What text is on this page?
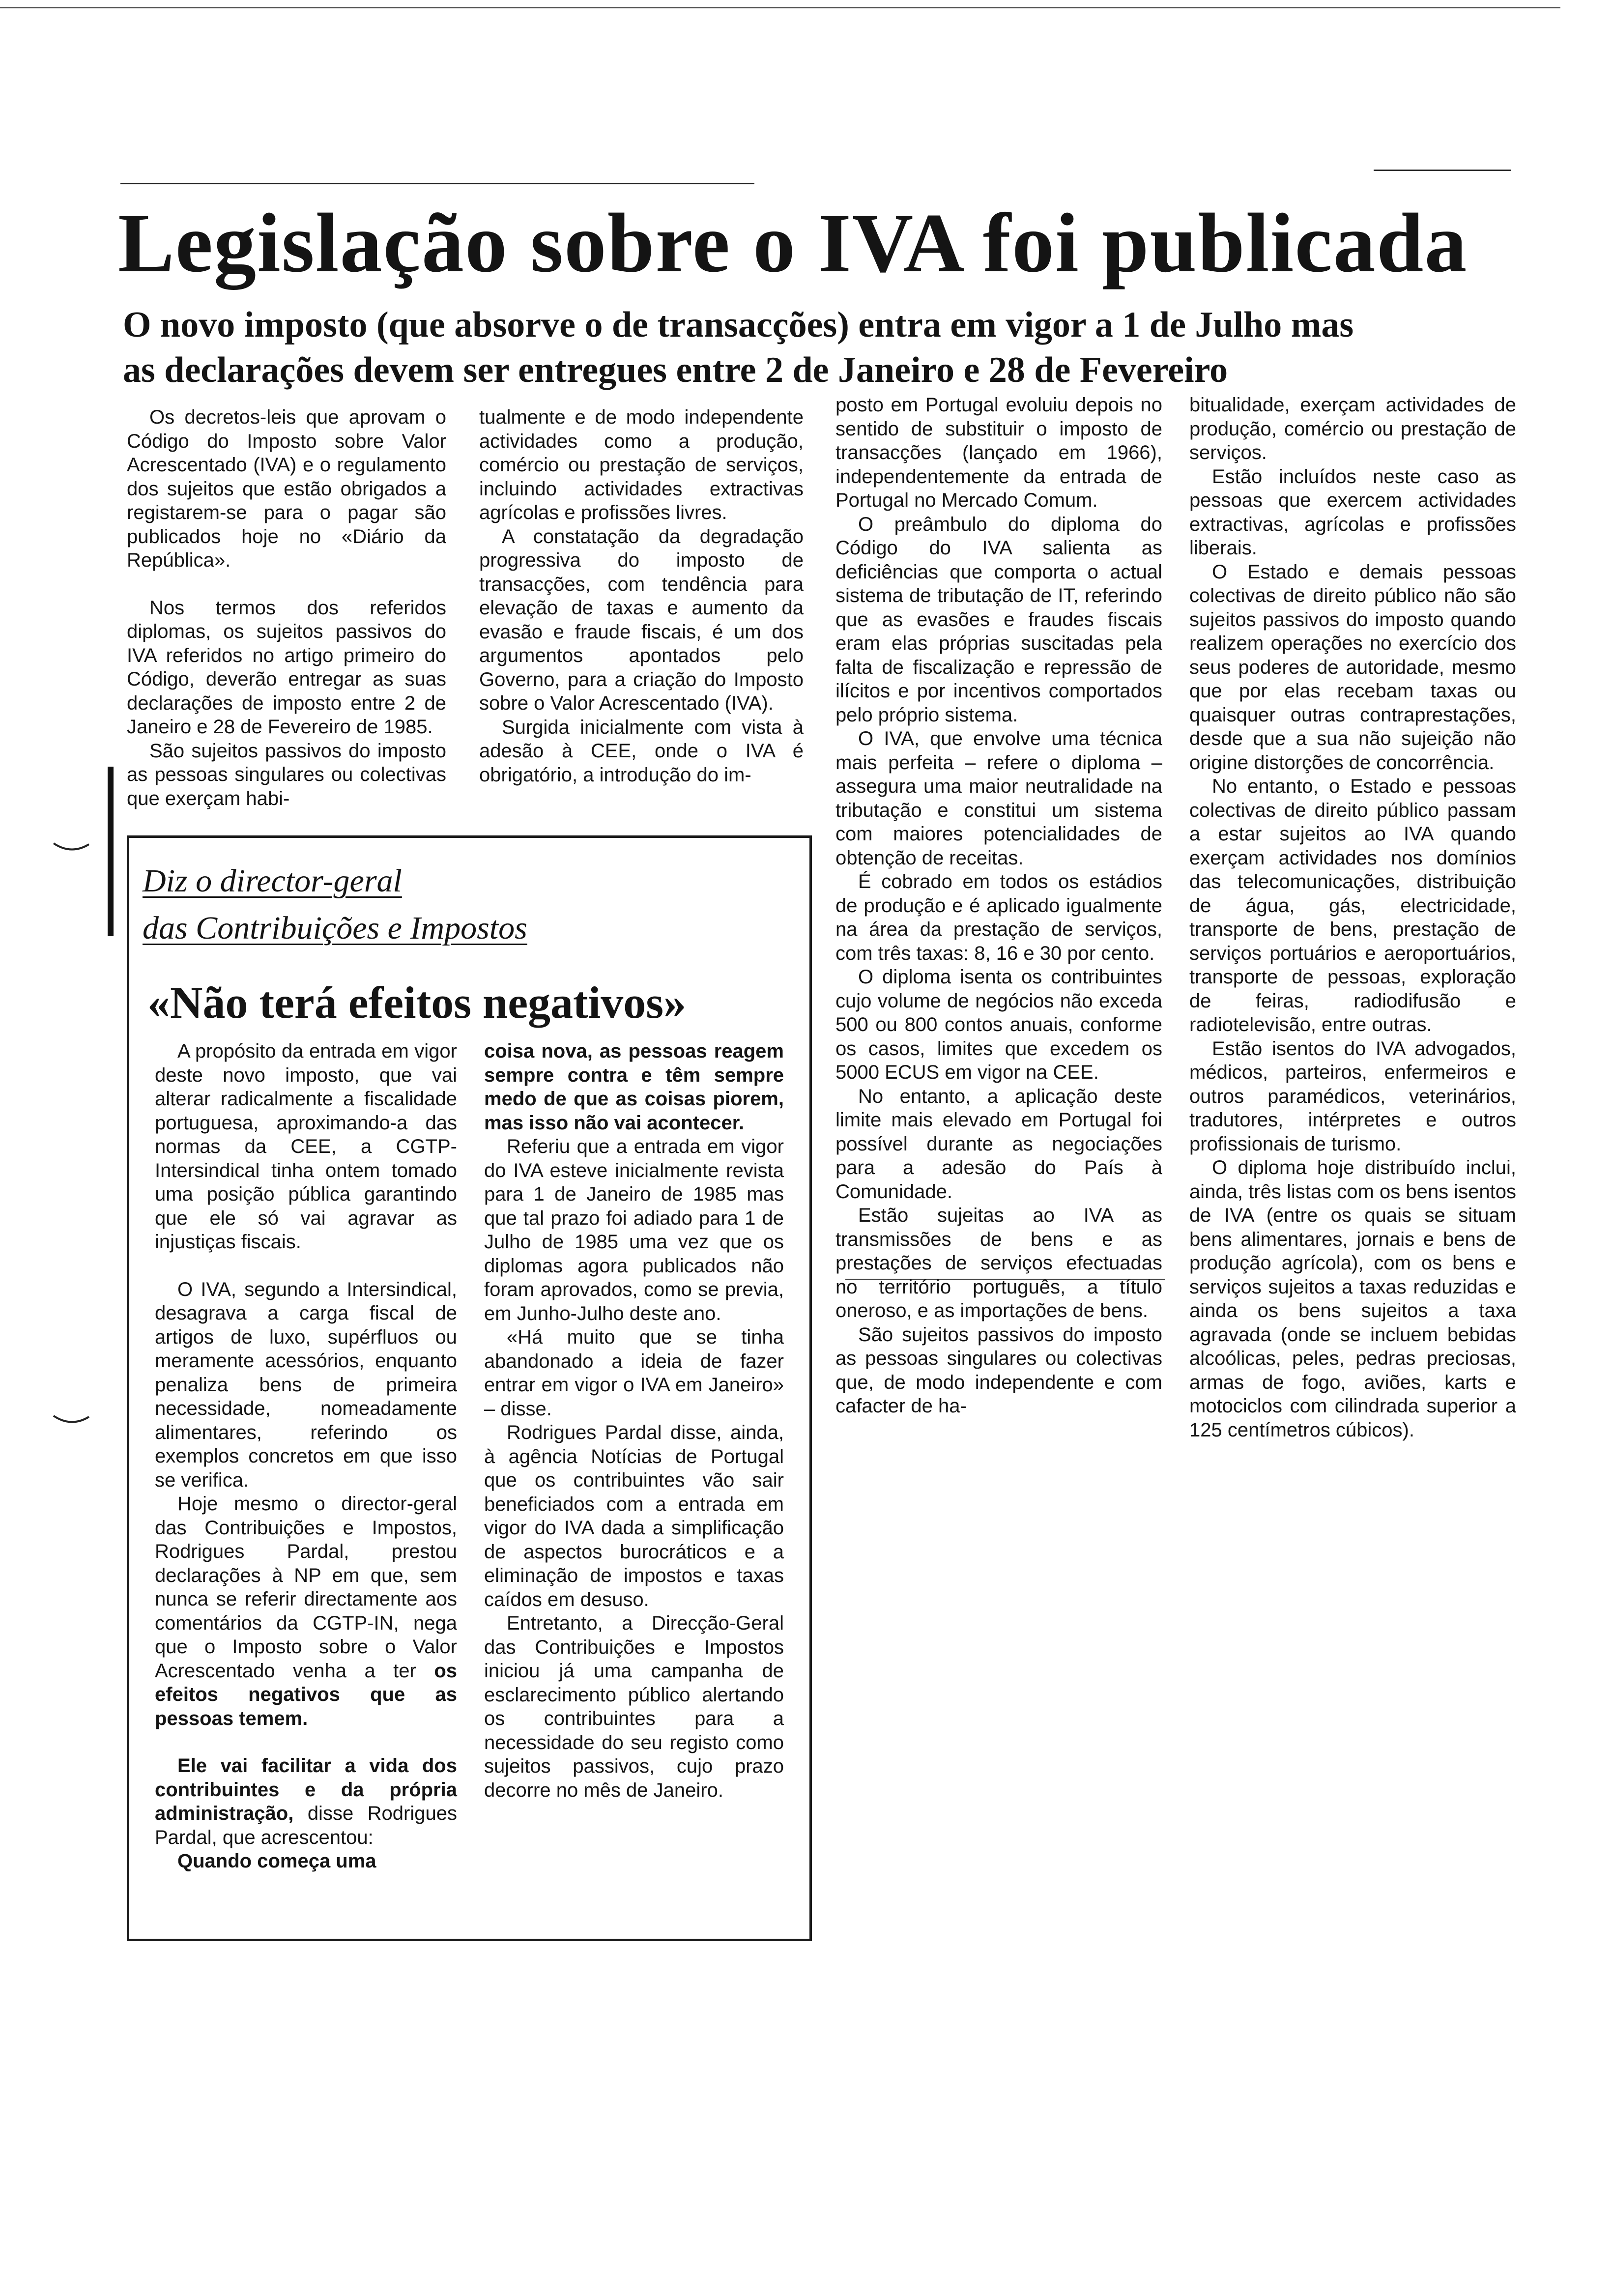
Legislação sobre o IVA foi publicada
O novo imposto (que absorve o de transacções) entra em vigor a 1 de Julho mas
as declarações devem ser entregues entre 2 de Janeiro e 28 de Fevereiro

Os decretos-leis que aprovam o Código do Imposto sobre Valor Acrescentado (IVA) e o regulamento dos sujeitos que estão obrigados a registarem-se para o pagar são publicados hoje no «Diário da República».

Nos termos dos referidos diplomas, os sujeitos passivos do IVA referidos no artigo primeiro do Código, deverão entregar as suas declarações de imposto entre 2 de Janeiro e 28 de Fevereiro de 1985.

São sujeitos passivos do imposto as pessoas singulares ou colectivas que exerçam habi-

tualmente e de modo independente actividades como a produção, comércio ou prestação de serviços, incluindo actividades extractivas agrícolas e profissões livres.

A constatação da degradação progressiva do imposto de transacções, com tendência para elevação de taxas e aumento da evasão e fraude fiscais, é um dos argumentos apontados pelo Governo, para a criação do Imposto sobre o Valor Acrescentado (IVA).

Surgida inicialmente com vista à adesão à CEE, onde o IVA é obrigatório, a introdução do im-

posto em Portugal evoluiu depois no sentido de substituir o imposto de transacções (lançado em 1966), independentemente da entrada de Portugal no Mercado Comum.

O preâmbulo do diploma do Código do IVA salienta as deficiências que comporta o actual sistema de tributação de IT, referindo que as evasões e fraudes fiscais eram elas próprias suscitadas pela falta de fiscalização e repressão de ilícitos e por incentivos comportados pelo próprio sistema.

O IVA, que envolve uma técnica mais perfeita – refere o diploma – assegura uma maior neutralidade na tributação e constitui um sistema com maiores potencialidades de obtenção de receitas.

É cobrado em todos os estádios de produção e é aplicado igualmente na área da prestação de serviços, com três taxas: 8, 16 e 30 por cento.

O diploma isenta os contribuintes cujo volume de negócios não exceda 500 ou 800 contos anuais, conforme os casos, limites que excedem os 5000 ECUS em vigor na CEE.

No entanto, a aplicação deste limite mais elevado em Portugal foi possível durante as negociações para a adesão do País à Comunidade.

Estão sujeitas ao IVA as transmissões de bens e as prestações de serviços efectuadas no território português, a título oneroso, e as importações de bens.

São sujeitos passivos do imposto as pessoas singulares ou colectivas que, de modo independente e com cafacter de ha-

bitualidade, exerçam actividades de produção, comércio ou prestação de serviços.

Estão incluídos neste caso as pessoas que exercem actividades extractivas, agrícolas e profissões liberais.

O Estado e demais pessoas colectivas de direito público não são sujeitos passivos do imposto quando realizem operações no exercício dos seus poderes de autoridade, mesmo que por elas recebam taxas ou quaisquer outras contraprestações, desde que a sua não sujeição não origine distorções de concorrência.

No entanto, o Estado e pessoas colectivas de direito público passam a estar sujeitos ao IVA quando exerçam actividades nos domínios das telecomunicações, distribuição de água, gás, electricidade, transporte de bens, prestação de serviços portuários e aeroportuários, transporte de pessoas, exploração de feiras, radiodifusão e radiotelevisão, entre outras.

Estão isentos do IVA advogados, médicos, parteiros, enfermeiros e outros paramédicos, veterinários, tradutores, intérpretes e outros profissionais de turismo.

O diploma hoje distribuído inclui, ainda, três listas com os bens isentos de IVA (entre os quais se situam bens alimentares, jornais e bens de produção agrícola), com os bens e serviços sujeitos a taxas reduzidas e ainda os bens sujeitos a taxa agravada (onde se incluem bebidas alcoólicas, peles, pedras preciosas, armas de fogo, aviões, karts e motociclos com cilindrada superior a 125 centímetros cúbicos).

Diz o director-geral
das Contribuições e Impostos
«Não terá efeitos negativos»

A propósito da entrada em vigor deste novo imposto, que vai alterar radicalmente a fiscalidade portuguesa, aproximando-a das normas da CEE, a CGTP-Intersindical tinha ontem tomado uma posição pública garantindo que ele só vai agravar as injustiças fiscais.

O IVA, segundo a Intersindical, desagrava a carga fiscal de artigos de luxo, supérfluos ou meramente acessórios, enquanto penaliza bens de primeira necessidade, nomeadamente alimentares, referindo os exemplos concretos em que isso se verifica.

Hoje mesmo o director-geral das Contribuições e Impostos, Rodrigues Pardal, prestou declarações à NP em que, sem nunca se referir directamente aos comentários da CGTP-IN, nega que o Imposto sobre o Valor Acrescentado venha a ter os efeitos negativos que as pessoas temem.

Ele vai facilitar a vida dos contribuintes e da própria administração, disse Rodrigues Pardal, que acrescentou:

Quando começa uma

coisa nova, as pessoas reagem sempre contra e têm sempre medo de que as coisas piorem, mas isso não vai acontecer.

Referiu que a entrada em vigor do IVA esteve inicialmente revista para 1 de Janeiro de 1985 mas que tal prazo foi adiado para 1 de Julho de 1985 uma vez que os diplomas agora publicados não foram aprovados, como se previa, em Junho-Julho deste ano.

«Há muito que se tinha abandonado a ideia de fazer entrar em vigor o IVA em Janeiro» – disse.

Rodrigues Pardal disse, ainda, à agência Notícias de Portugal que os contribuintes vão sair beneficiados com a entrada em vigor do IVA dada a simplificação de aspectos burocráticos e a eliminação de impostos e taxas caídos em desuso.

Entretanto, a Direcção-Geral das Contribuições e Impostos iniciou já uma campanha de esclarecimento público alertando os contribuintes para a necessidade do seu registo como sujeitos passivos, cujo prazo decorre no mês de Janeiro.
